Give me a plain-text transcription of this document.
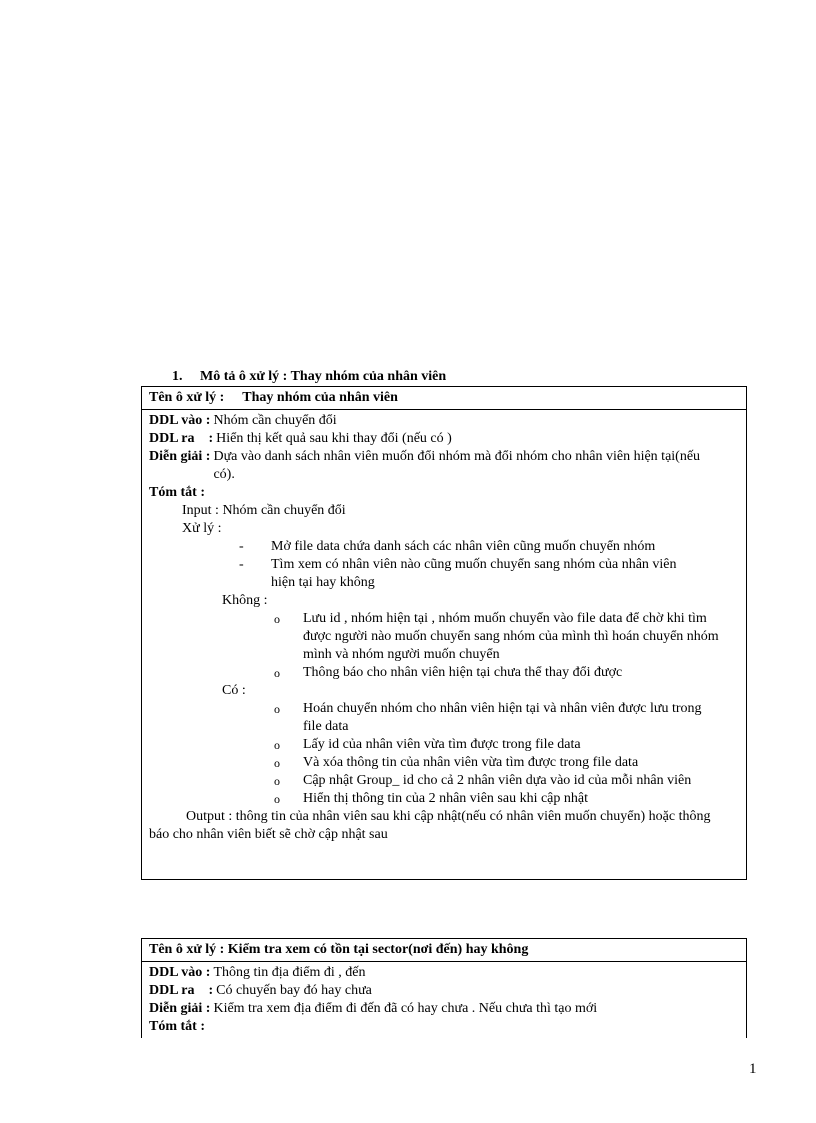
1. Mô tả ô xử lý : Thay nhóm của nhân viên
Tên ô xử lý : Thay nhóm của nhân viên
DDL vào : Nhóm cần chuyển đổi
DDL ra    : Hiển thị kết quả sau khi thay đổi (nếu có )
Diễn giải : Dựa vào danh sách nhân viên muốn đổi nhóm mà đổi nhóm cho nhân viên hiện tại(nếu có).
Tóm tắt :
Input : Nhóm cần chuyển đổi
Xử lý :
-	Mở file data chứa danh sách các nhân viên cũng muốn chuyển nhóm
-	Tìm xem có nhân viên nào cũng muốn chuyển sang nhóm của nhân viên hiện tại hay không
Không :
o	Lưu id , nhóm hiện tại , nhóm muốn chuyển vào file data để chờ khi tìm được người nào muốn chuyển sang nhóm của mình thì hoán chuyển nhóm mình và nhóm người muốn chuyển
o	Thông báo cho nhân viên hiện tại chưa thể thay đổi được
Có :
o	Hoán chuyển nhóm cho nhân viên hiện tại và nhân viên được lưu trong file data
o	Lấy id của nhân viên vừa tìm được trong file data
o	Và xóa thông tin của nhân viên vừa tìm được trong file data
o	Cập nhật Group_ id cho cả 2 nhân viên dựa vào id của mỗi nhân viên
o	Hiển thị thông tin của 2 nhân viên sau khi cập nhật
Output : thông tin của nhân viên sau khi cập nhật(nếu có nhân viên muốn chuyển) hoặc thông báo cho nhân viên biết sẽ chờ cập nhật sau
Tên ô xử lý : Kiểm tra xem có tồn tại sector(nơi đến) hay không
DDL vào : Thông tin địa điểm đi , đến
DDL ra    : Có chuyến bay đó hay chưa
Diễn giải : Kiểm tra xem địa điểm đi đến đã có hay chưa . Nếu chưa thì tạo mới
Tóm tắt :
1
